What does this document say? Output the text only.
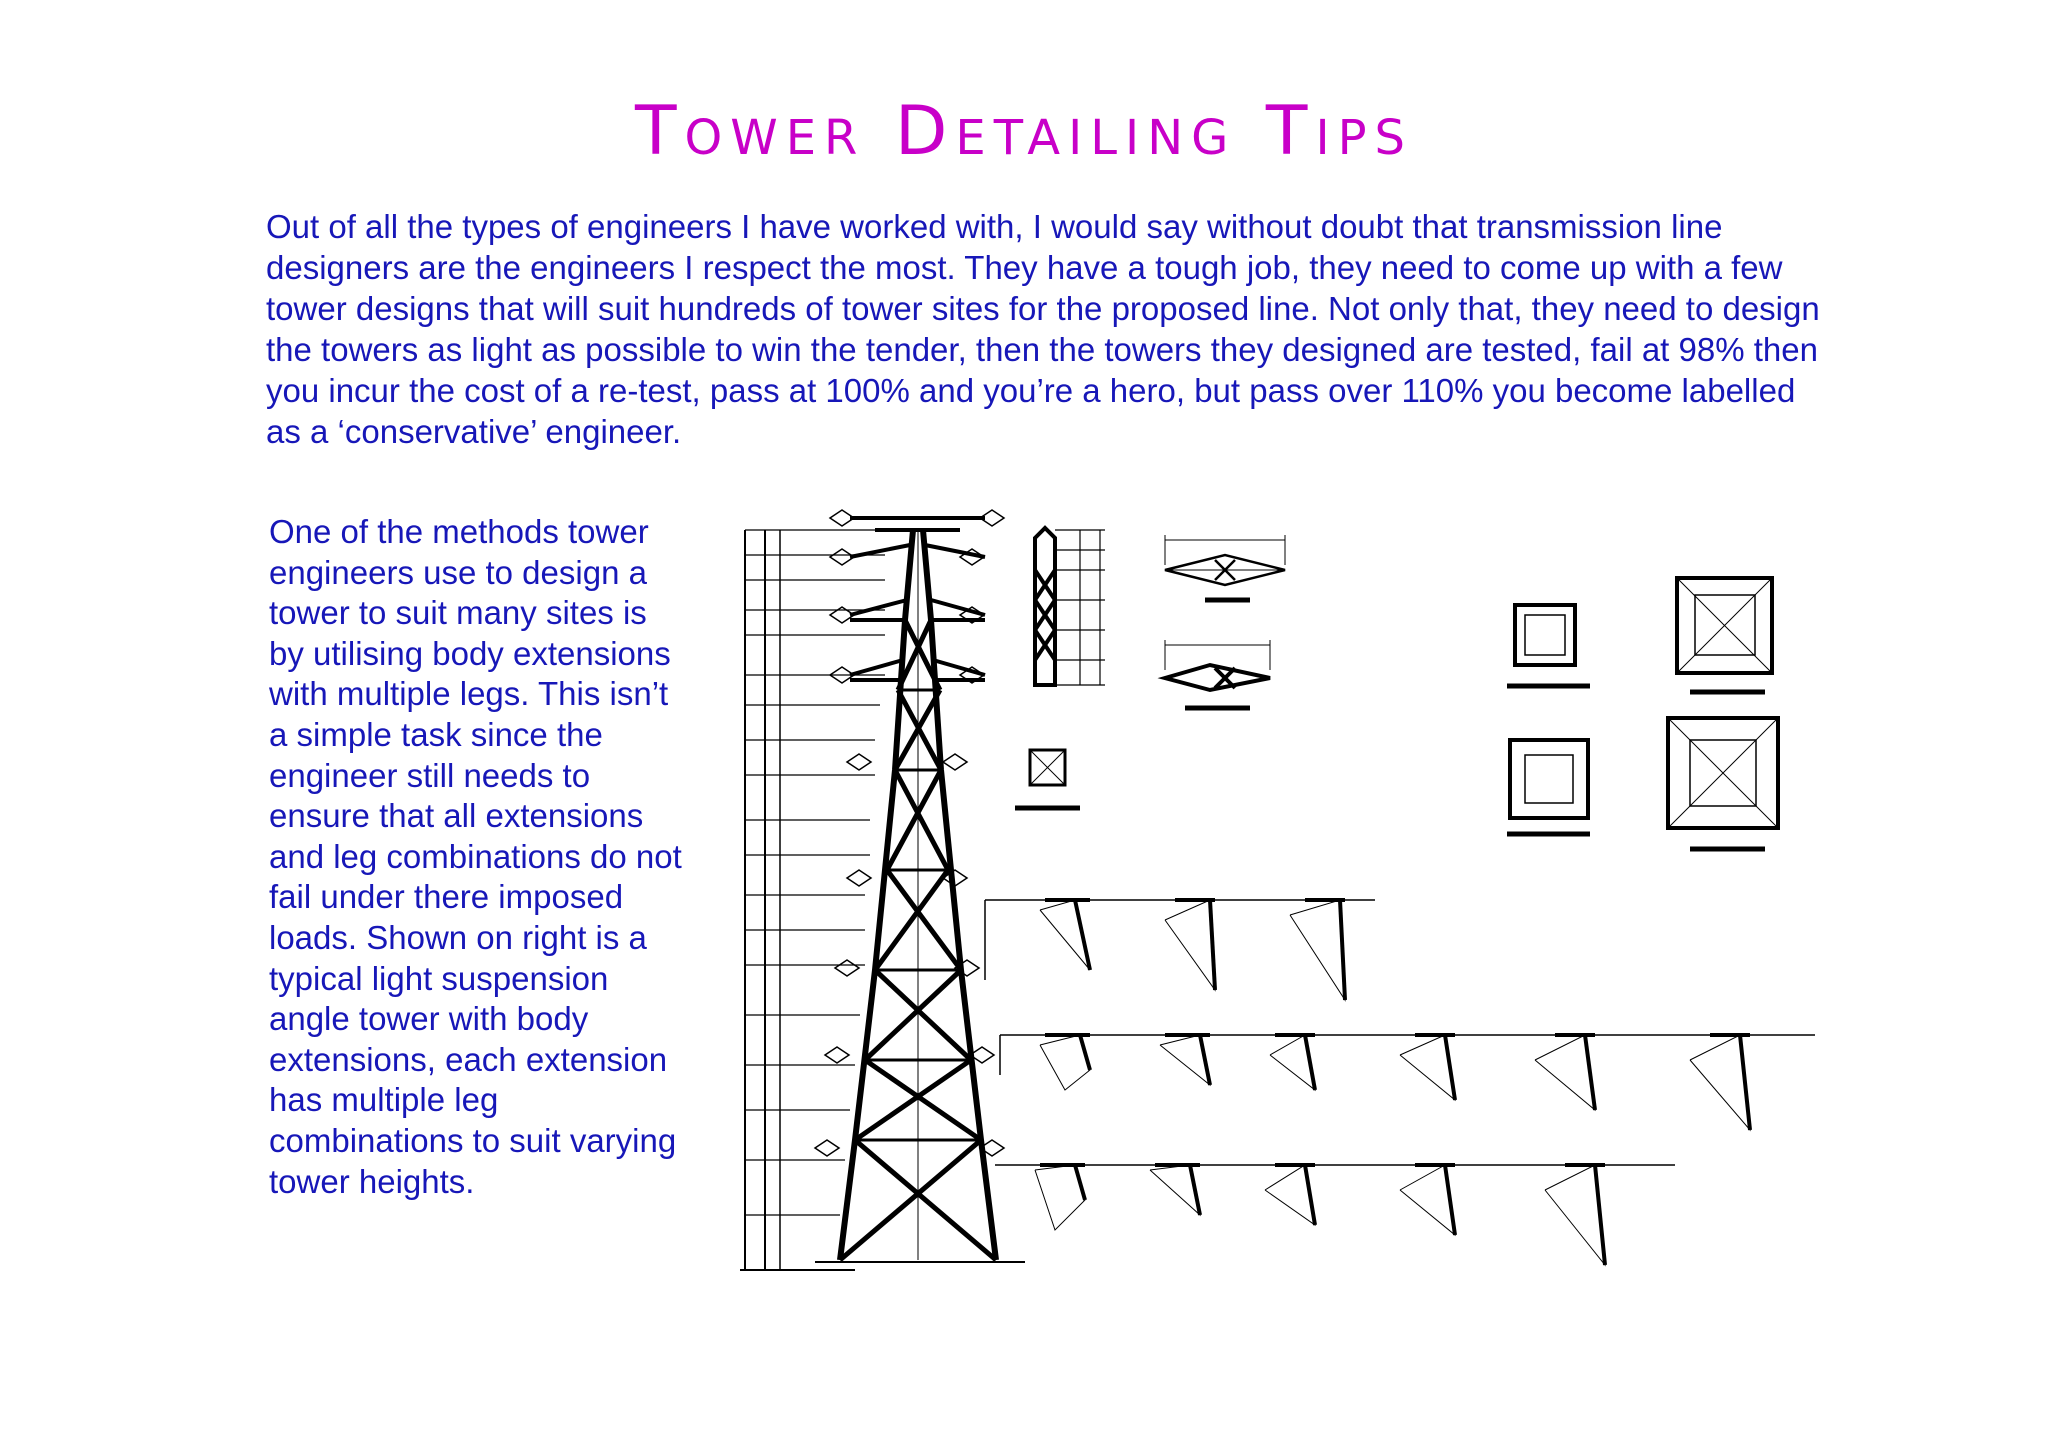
Tower Detailing Tips

Out of all the types of engineers I have worked with, I would say without doubt that transmission line designers are the engineers I respect the most. They have a tough job, they need to come up with a few tower designs that will suit hundreds of tower sites for the proposed line. Not only that, they need to design the towers as light as possible to win the tender, then the towers they designed are tested, fail at 98% then you incur the cost of a re-test, pass at 100% and you’re a hero, but pass over 110% you become labelled as a ‘conservative’ engineer.

One of the methods tower engineers use to design a tower to suit many sites is by utilising body extensions with multiple legs. This isn’t a simple task since the engineer still needs to ensure that all extensions and leg combinations do not fail under there imposed loads. Shown on right is a typical light suspension angle tower with body extensions, each extension has multiple leg combinations to suit varying tower heights.
